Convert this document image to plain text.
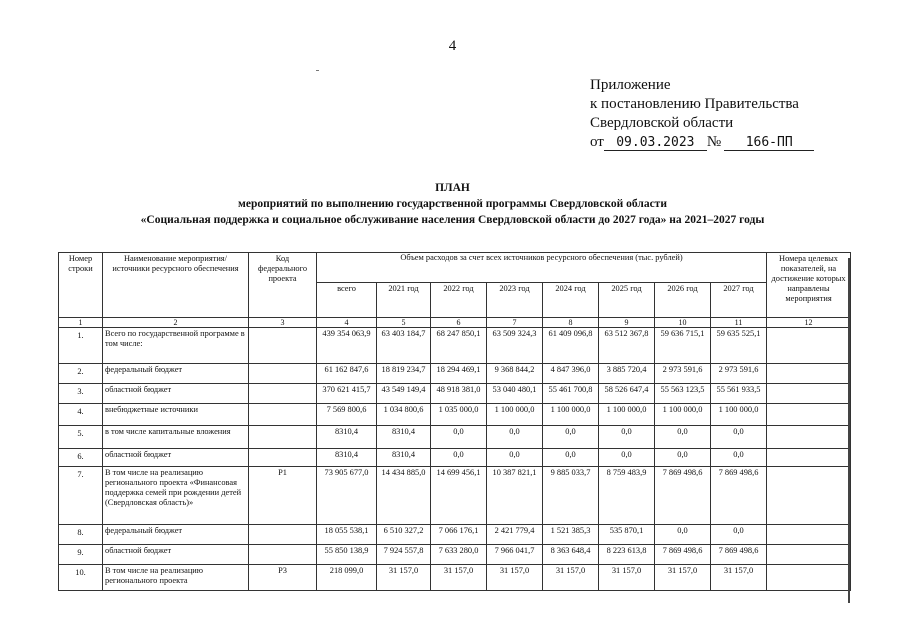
4
Приложение
к постановлению Правительства
Свердловской области
от 09.03.2023 №	166-ПП
ПЛАН
мероприятий по выполнению государственной программы Свердловской области
«Социальная поддержка и социальное обслуживание населения Свердловской области до 2027 года» на 2021–2027 годы
Номер строки	Наименование мероприятия/ источники ресурсного обеспечения	Код федерального проекта	Объем расходов за счет всех источников ресурсного обеспечения (тыс. рублей)								Номера целевых показателей, на достижение которых направлены мероприятия
			всего	2021 год	2022 год	2023 год	2024 год	2025 год	2026 год	2027 год	
1	2	3	4	5	6	7	8	9	10	11	12
1.	Всего по государственной программе в том числе:		439 354 063,9	63 403 184,7	68 247 850,1	63 509 324,3	61 409 096,8	63 512 367,8	59 636 715,1	59 635 525,1	
2.	федеральный бюджет		61 162 847,6	18 819 234,7	18 294 469,1	9 368 844,2	4 847 396,0	3 885 720,4	2 973 591,6	2 973 591,6	
3.	областной бюджет		370 621 415,7	43 549 149,4	48 918 381,0	53 040 480,1	55 461 700,8	58 526 647,4	55 563 123,5	55 561 933,5	
4.	внебюджетные источники		7 569 800,6	1 034 800,6	1 035 000,0	1 100 000,0	1 100 000,0	1 100 000,0	1 100 000,0	1 100 000,0	
5.	в том числе капитальные вложения		8310,4	8310,4	0,0	0,0	0,0	0,0	0,0	0,0	
6.	областной бюджет		8310,4	8310,4	0,0	0,0	0,0	0,0	0,0	0,0	
7.	В том числе на реализацию регионального проекта «Финансовая поддержка семей при рождении детей (Свердловская область)»	P1	73 905 677,0	14 434 885,0	14 699 456,1	10 387 821,1	9 885 033,7	8 759 483,9	7 869 498,6	7 869 498,6	
8.	федеральный бюджет		18 055 538,1	6 510 327,2	7 066 176,1	2 421 779,4	1 521 385,3	535 870,1	0,0	0,0	
9.	областной бюджет		55 850 138,9	7 924 557,8	7 633 280,0	7 966 041,7	8 363 648,4	8 223 613,8	7 869 498,6	7 869 498,6	
10.	В том числе на реализацию регионального проекта	P3	218 099,0	31 157,0	31 157,0	31 157,0	31 157,0	31 157,0	31 157,0	31 157,0	
